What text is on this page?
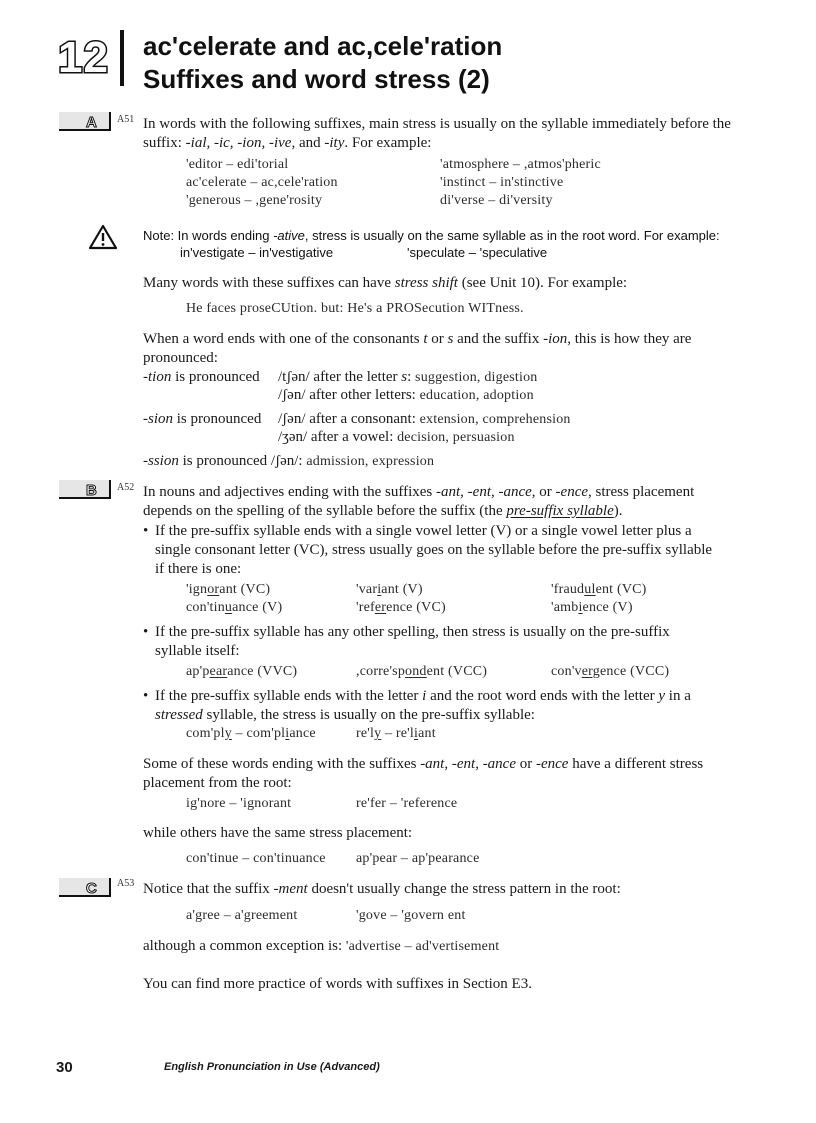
12 ac'celerate and ac,cele'ration
Suffixes and word stress (2)
A A51 In words with the following suffixes, main stress is usually on the syllable immediately before the
suffix: -ial, -ic, -ion, -ive, and -ity. For example:
'editor – edi'torial	'atmosphere – ,atmos'pheric
ac'celerate – ac,cele'ration	'instinct – in'stinctive
'generous – ,gene'rosity	di'verse – di'versity
Note: In words ending -ative, stress is usually on the same syllable as in the root word. For example:
in'vestigate – in'vestigative	'speculate – 'speculative
Many words with these suffixes can have stress shift (see Unit 10). For example:
He faces proseCUtion. but: He's a PROSecution WITness.
When a word ends with one of the consonants t or s and the suffix -ion, this is how they are
pronounced:
-tion is pronounced /tʃən/ after the letter s: suggestion, digestion
/ʃən/ after other letters: education, adoption
-sion is pronounced /ʃən/ after a consonant: extension, comprehension
/ʒən/ after a vowel: decision, persuasion
-ssion is pronounced /ʃən/: admission, expression
B A52 In nouns and adjectives ending with the suffixes -ant, -ent, -ance, or -ence, stress placement
depends on the spelling of the syllable before the suffix (the pre-suffix syllable).
• If the pre-suffix syllable ends with a single vowel letter (V) or a single vowel letter plus a
single consonant letter (VC), stress usually goes on the syllable before the pre-suffix syllable
if there is one:
'ignorant (VC)	'variant (V)	'fraudulent (VC)
con'tinuance (V)	'reference (VC)	'ambience (V)
• If the pre-suffix syllable has any other spelling, then stress is usually on the pre-suffix
syllable itself:
ap'pearance (VVC)	,corre'spondent (VCC)	con'vergence (VCC)
• If the pre-suffix syllable ends with the letter i and the root word ends with the letter y in a
stressed syllable, the stress is usually on the pre-suffix syllable:
com'ply – com'pliance	re'ly – re'liant
Some of these words ending with the suffixes -ant, -ent, -ance or -ence have a different stress
placement from the root:
ig'nore – 'ignorant	re'fer – 'reference
while others have the same stress placement:
con'tinue – con'tinuance ap'pear – ap'pearance
C A53 Notice that the suffix -ment doesn't usually change the stress pattern in the root:
a'gree – a'greement	'gove – 'govern ent
although a common exception is: 'advertise – ad'vertisement
You can find more practice of words with suffixes in Section E3.
30	English Pronunciation in Use (Advanced)
